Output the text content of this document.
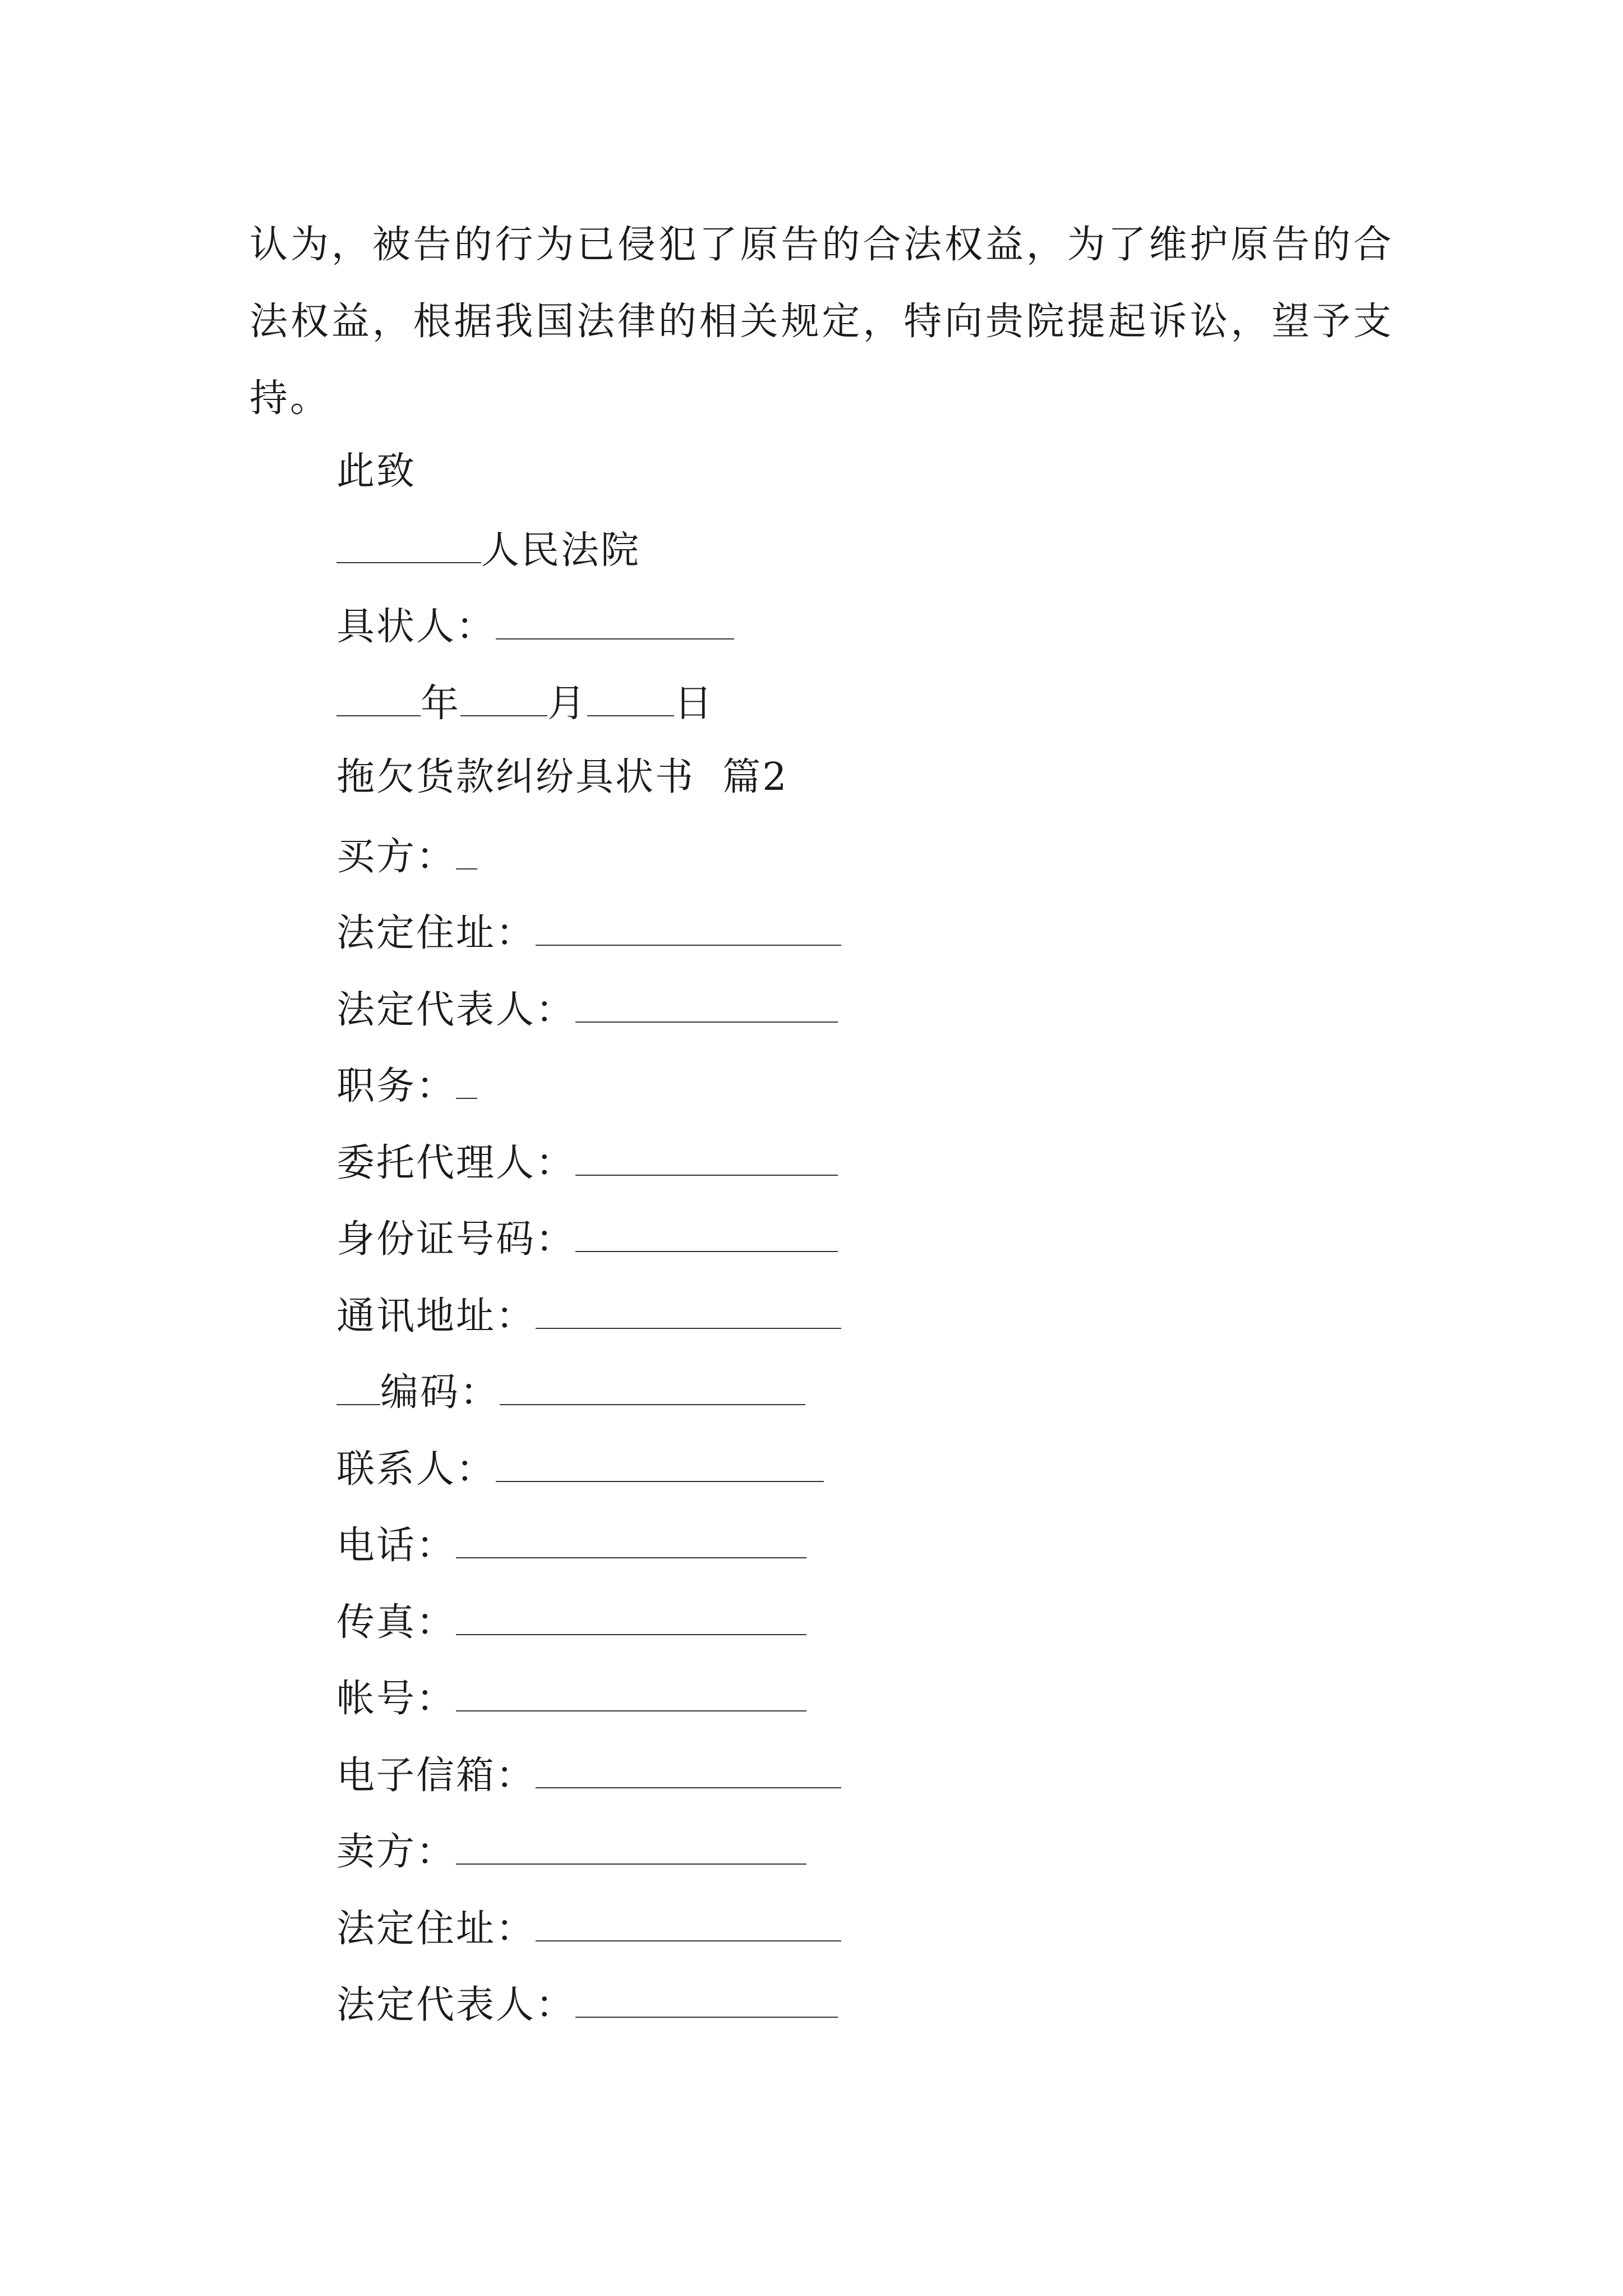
认为，被告的行为已侵犯了原告的合法权益，为了维护原告的合法权益，根据我国法律的相关规定，特向贵院提起诉讼，望予支持。
此致
人民法院
具状人：
年 月 日
拖欠货款纠纷具状书  篇2
买方：
法定住址：
法定代表人：
职务：
委托代理人：
身份证号码：
通讯地址：
编码：
联系人：
电话：
传真：
帐号：
电子信箱：
卖方：
法定住址：
法定代表人：
